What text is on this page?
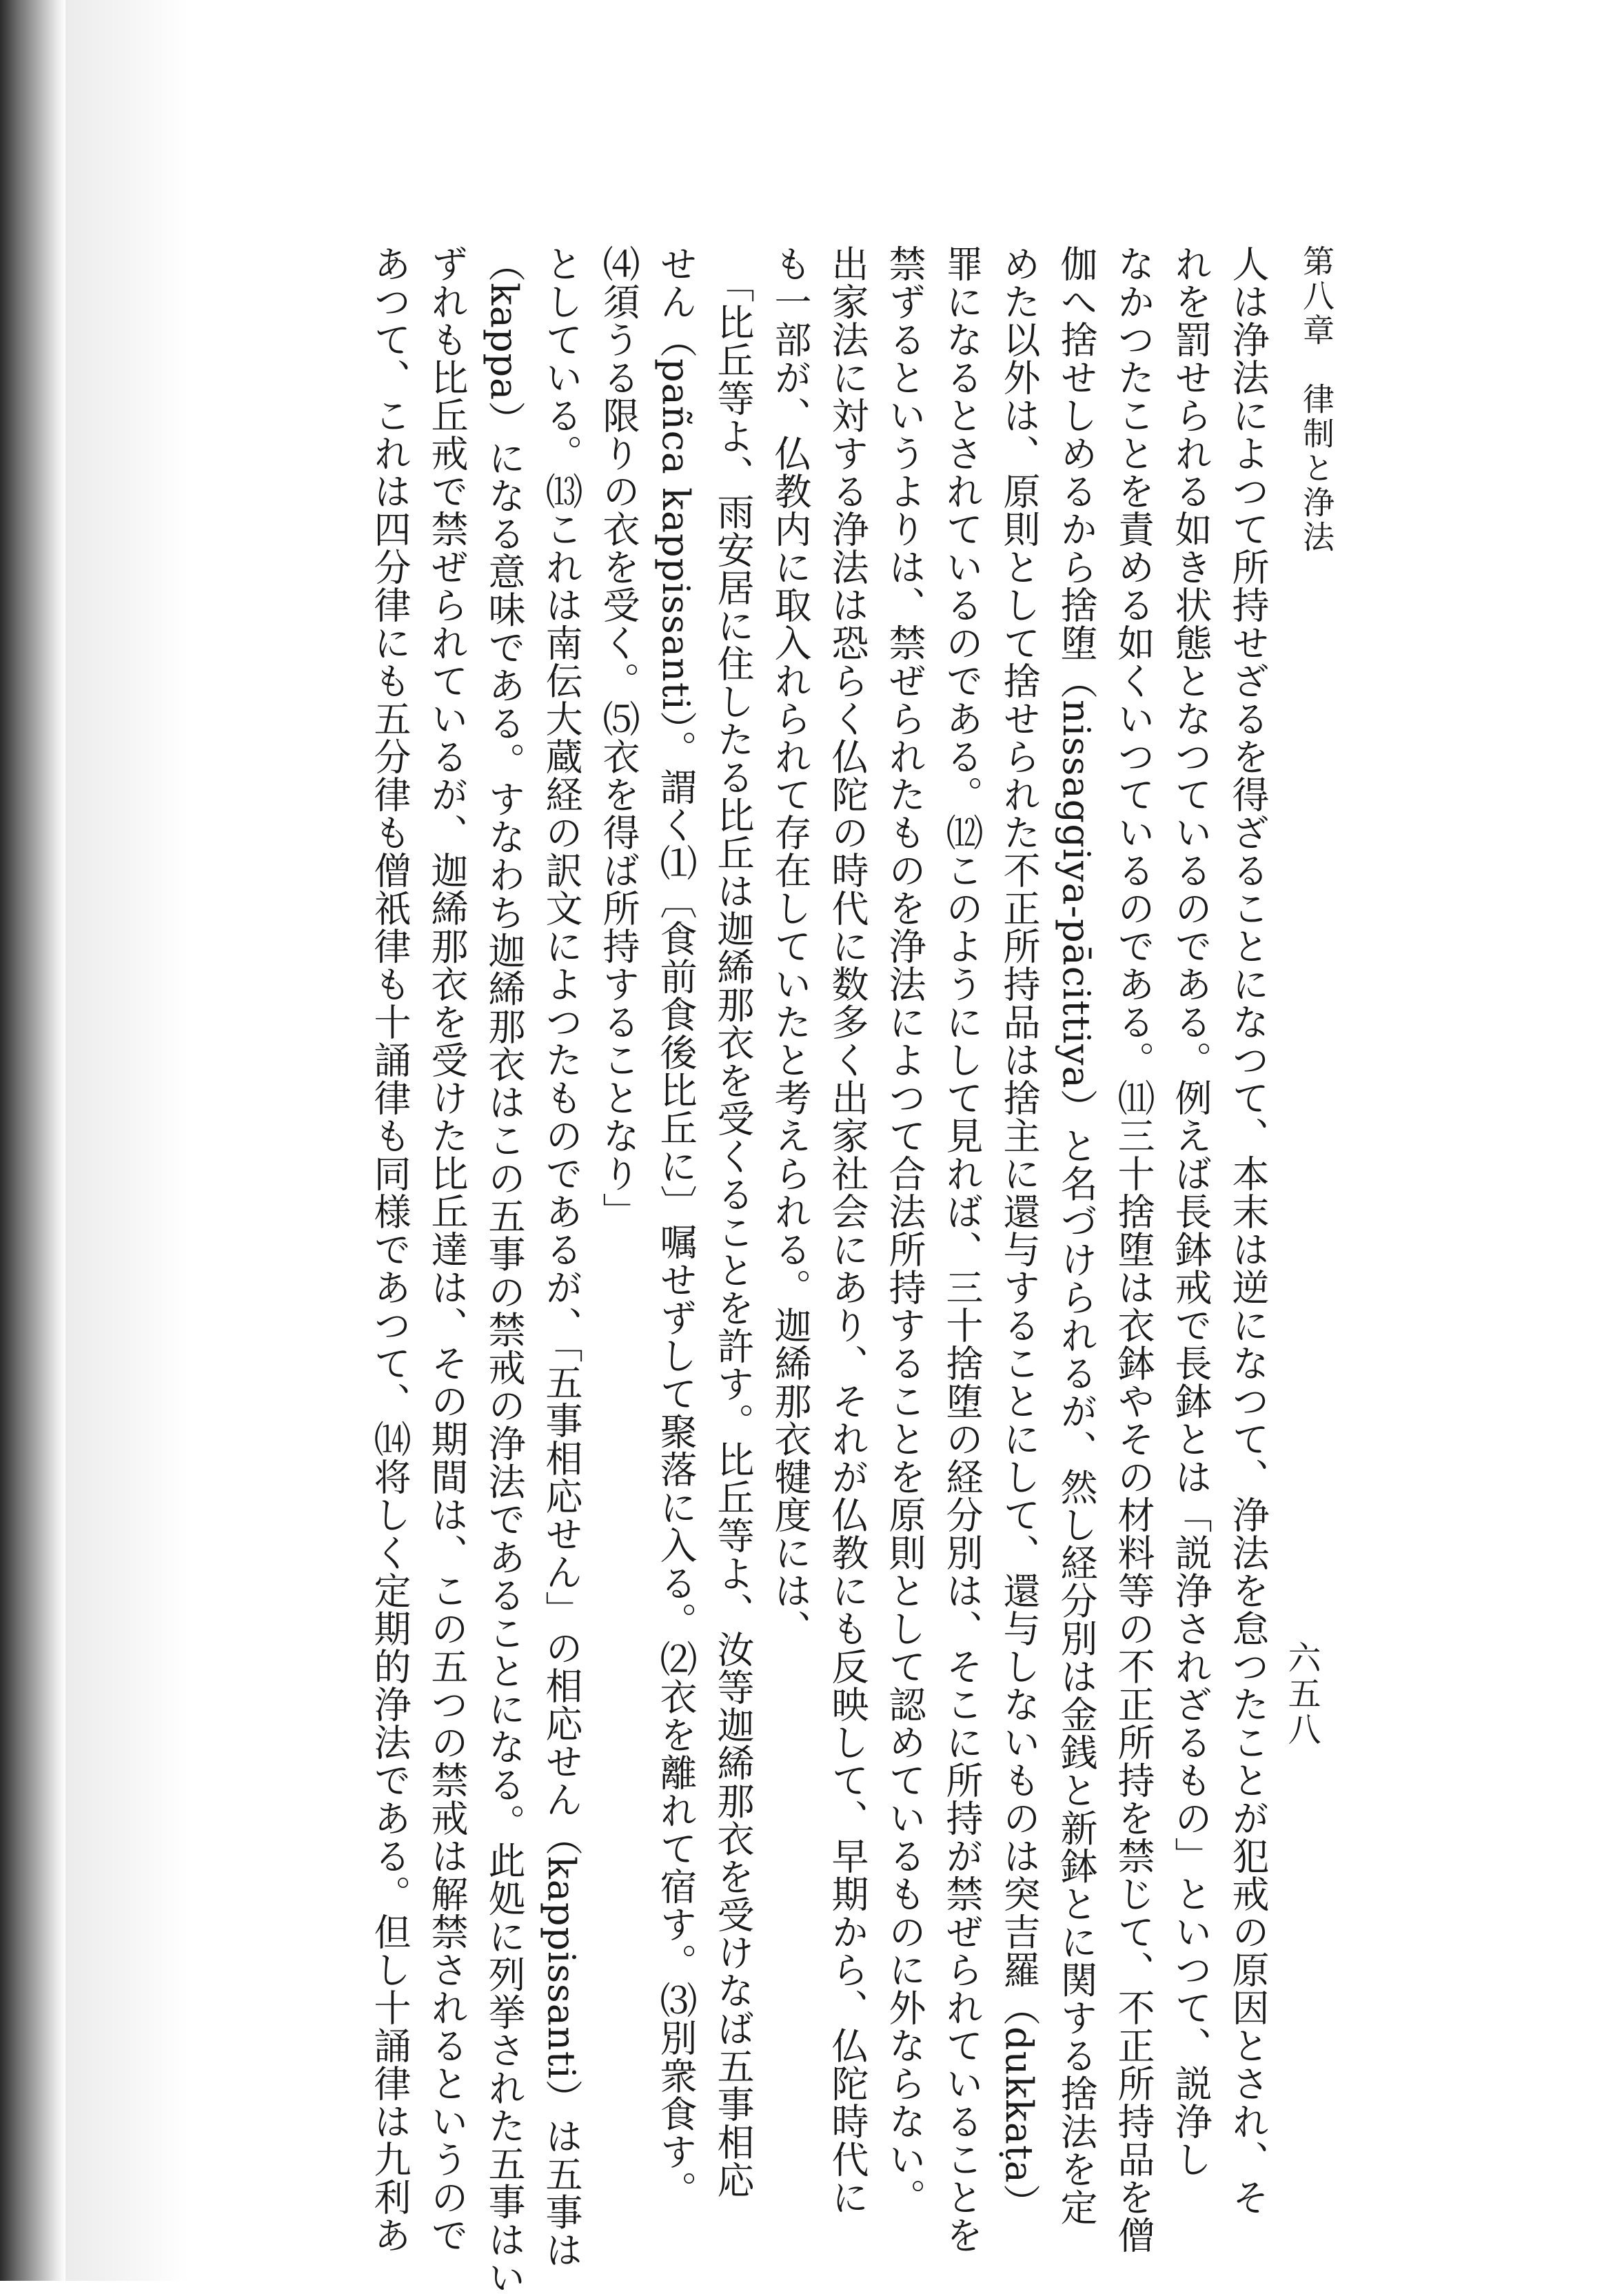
第八章　律制と浄法
六五八
人は浄法によつて所持せざるを得ざることになつて、本末は逆になつて、浄法を怠つたことが犯戒の原因とされ、そ
れを罰せられる如き状態となつているのである。例えば長鉢戒で長鉢とは「説浄されざるもの」といつて、説浄し
なかつたことを責める如くいつているのである。⑾三十捨堕は衣鉢やその材料等の不正所持を禁じて、不正所持品を僧
伽へ捨せしめるから捨堕（nissaggiya-pācittiya）と名づけられるが、然し経分別は金銭と新鉢とに関する捨法を定
めた以外は、原則として捨せられた不正所持品は捨主に還与することにして、還与しないものは突吉羅（dukkaṭa）
罪になるとされているのである。⑿このようにして見れば、三十捨堕の経分別は、そこに所持が禁ぜられていることを
禁ずるというよりは、禁ぜられたものを浄法によつて合法所持することを原則として認めているものに外ならない。
出家法に対する浄法は恐らく仏陀の時代に数多く出家社会にあり、それが仏教にも反映して、早期から、仏陀時代に
も一部が、仏教内に取入れられて存在していたと考えられる。迦絺那衣犍度には、
「比丘等よ、雨安居に住したる比丘は迦絺那衣を受くることを許す。比丘等よ、汝等迦絺那衣を受けなば五事相応
せん（pañca kappissanti）。謂く⑴〔食前食後比丘に〕嘱せずして聚落に入る。⑵衣を離れて宿す。⑶別衆食す。
⑷須うる限りの衣を受く。⑸衣を得ば所持することなり」
としている。⒀これは南伝大蔵経の訳文によつたものであるが、「五事相応せん」の相応せん（kappissanti）は五事は
（kappa）になる意味である。すなわち迦絺那衣はこの五事の禁戒の浄法であることになる。此処に列挙された五事はい
ずれも比丘戒で禁ぜられているが、迦絺那衣を受けた比丘達は、その期間は、この五つの禁戒は解禁されるというので
あつて、これは四分律にも五分律も僧祇律も十誦律も同様であつて、⒁将しく定期的浄法である。但し十誦律は九利あ
